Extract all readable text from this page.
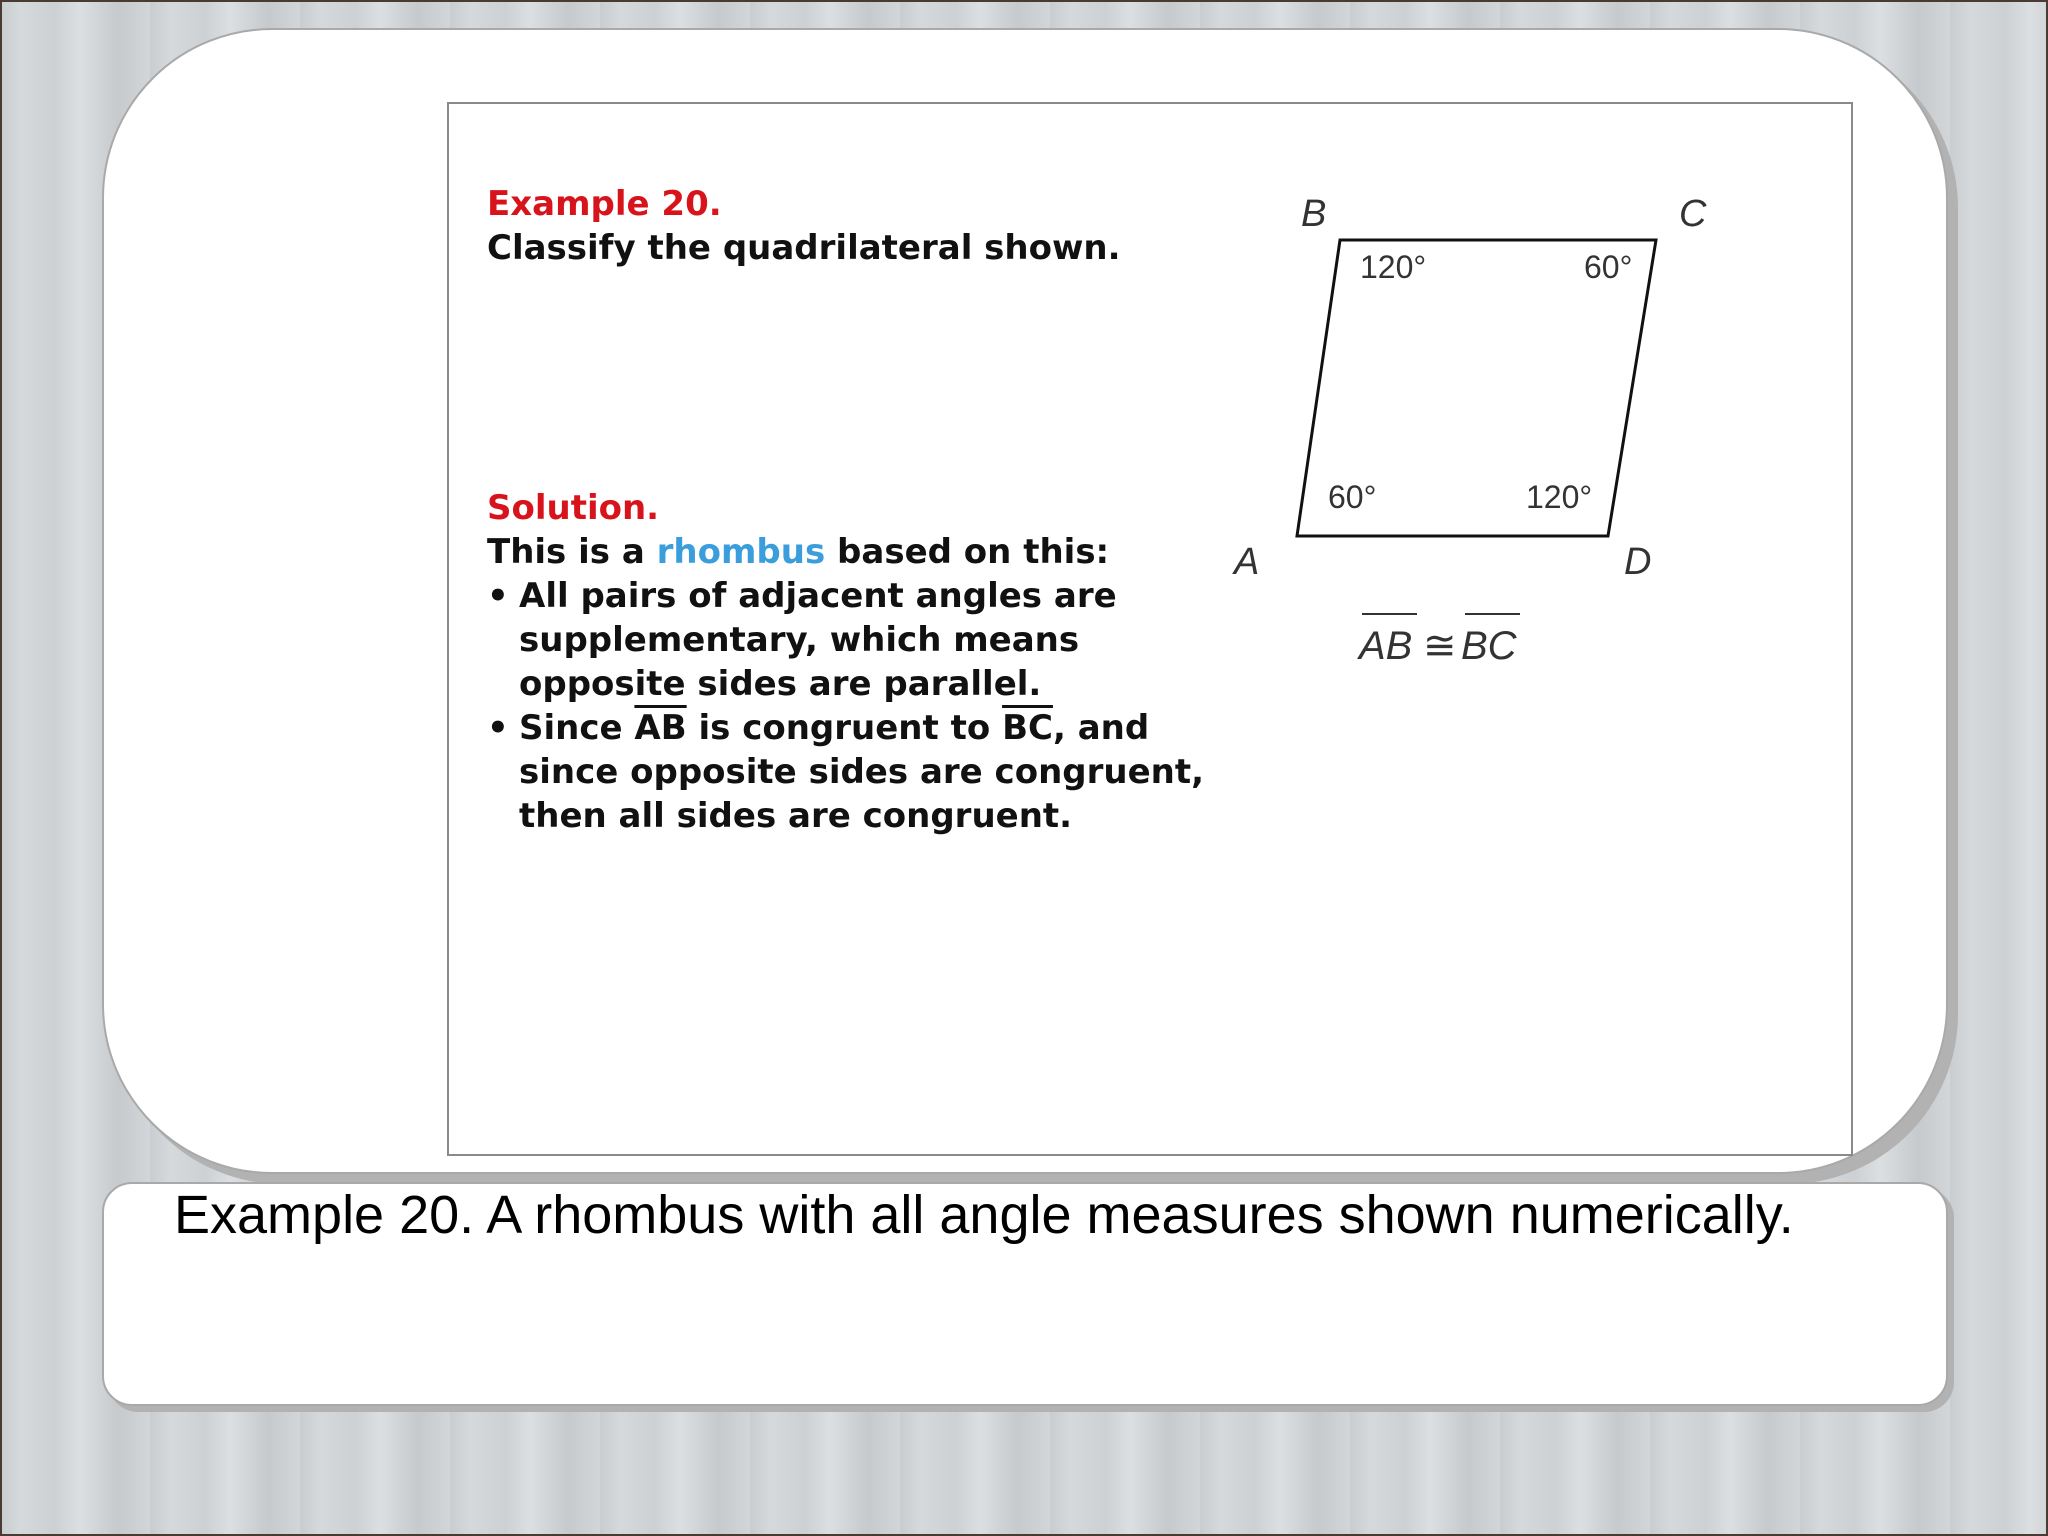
Example 20.
Classify the quadrilateral shown.
Solution.
This is a rhombus based on this:
• All pairs of adjacent angles are supplementary, which means opposite sides are parallel.
• Since $\overline{AB}$ is congruent to $\overline{BC}$, and since opposite sides are congruent, then all sides are congruent.
B	C
A	D
120°	60°
60°	120°
AB ≅ BC
Example 20. A rhombus with all angle measures shown numerically.
